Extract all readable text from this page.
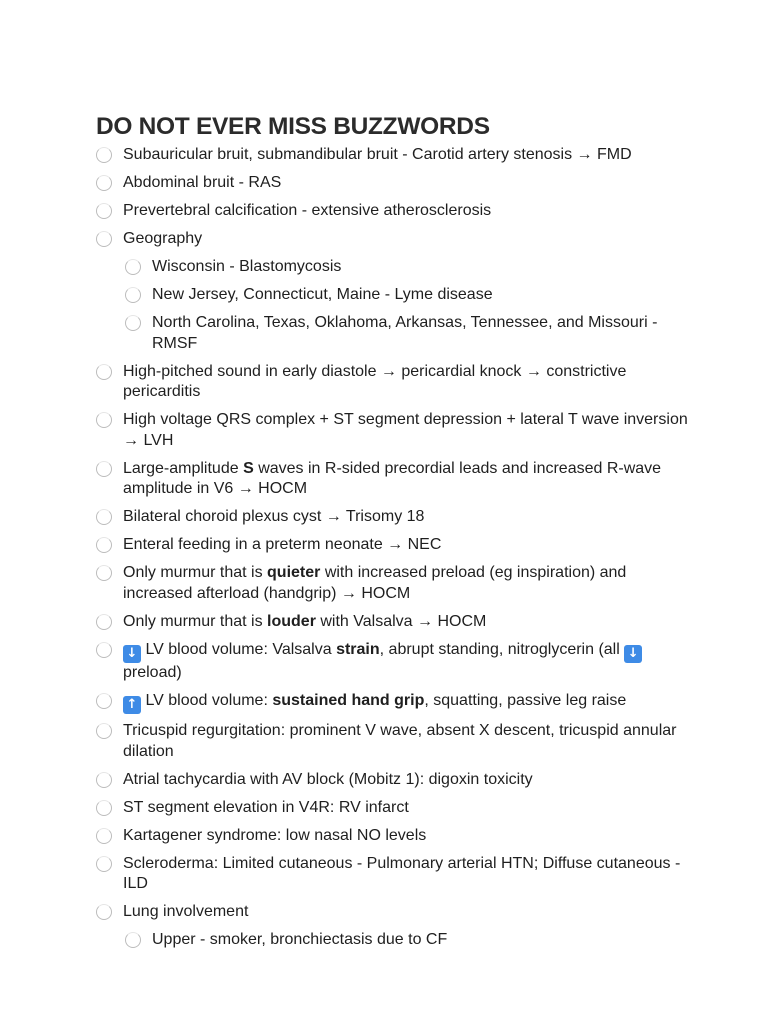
DO NOT EVER MISS BUZZWORDS
Subauricular bruit, submandibular bruit - Carotid artery stenosis → FMD
Abdominal bruit - RAS
Prevertebral calcification - extensive atherosclerosis
Geography
Wisconsin - Blastomycosis
New Jersey, Connecticut, Maine - Lyme disease
North Carolina, Texas, Oklahoma, Arkansas, Tennessee, and Missouri - RMSF
High-pitched sound in early diastole → pericardial knock → constrictive pericarditis
High voltage QRS complex + ST segment depression + lateral T wave inversion → LVH
Large-amplitude S waves in R-sided precordial leads and increased R-wave amplitude in V6 → HOCM
Bilateral choroid plexus cyst → Trisomy 18
Enteral feeding in a preterm neonate → NEC
Only murmur that is quieter with increased preload (eg inspiration) and increased afterload (handgrip) → HOCM
Only murmur that is louder with Valsalva → HOCM
↓ LV blood volume: Valsalva strain, abrupt standing, nitroglycerin (all ↓ preload)
↑ LV blood volume: sustained hand grip, squatting, passive leg raise
Tricuspid regurgitation: prominent V wave, absent X descent, tricuspid annular dilation
Atrial tachycardia with AV block (Mobitz 1): digoxin toxicity
ST segment elevation in V4R: RV infarct
Kartagener syndrome: low nasal NO levels
Scleroderma: Limited cutaneous - Pulmonary arterial HTN; Diffuse cutaneous - ILD
Lung involvement
Upper - smoker, bronchiectasis due to CF
